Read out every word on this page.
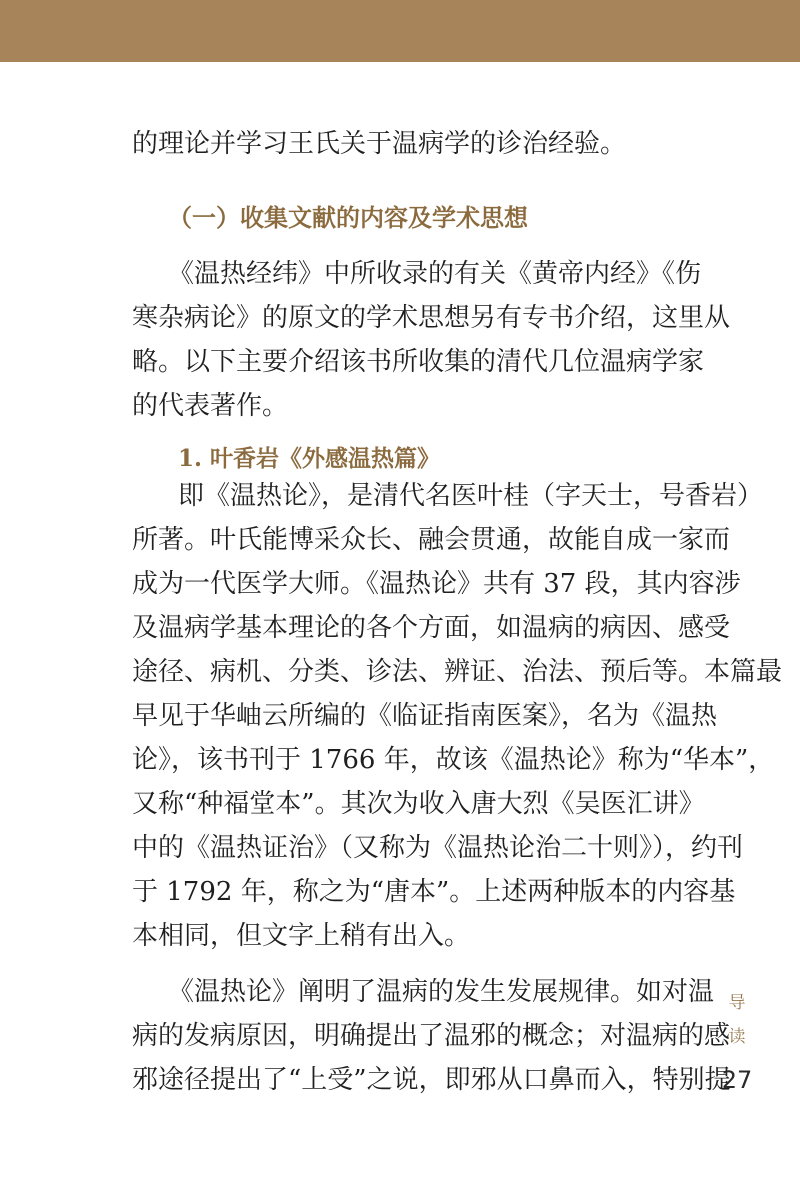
的理论并学习王氏关于温病学的诊治经验。

（一）收集文献的内容及学术思想

《温热经纬》中所收录的有关《黄帝内经》《伤
寒杂病论》的原文的学术思想另有专书介绍，这里从
略。以下主要介绍该书所收集的清代几位温病学家
的代表著作。

1. 叶香岩《外感温热篇》

即《温热论》，是清代名医叶桂（字天士，号香岩）
所著。叶氏能博采众长、融会贯通，故能自成一家而
成为一代医学大师。《温热论》共有 37 段，其内容涉
及温病学基本理论的各个方面，如温病的病因、感受
途径、病机、分类、诊法、辨证、治法、预后等。本篇最
早见于华岫云所编的《临证指南医案》，名为《温热
论》，该书刊于 1766 年，故该《温热论》称为“华本”，
又称“种福堂本”。其次为收入唐大烈《吴医汇讲》
中的《温热证治》（又称为《温热论治二十则》），约刊
于 1792 年，称之为“唐本”。上述两种版本的内容基
本相同，但文字上稍有出入。

《温热论》阐明了温病的发生发展规律。如对温
病的发病原因，明确提出了温邪的概念；对温病的感
邪途径提出了“上受”之说，即邪从口鼻而入，特别提

导
读
27
